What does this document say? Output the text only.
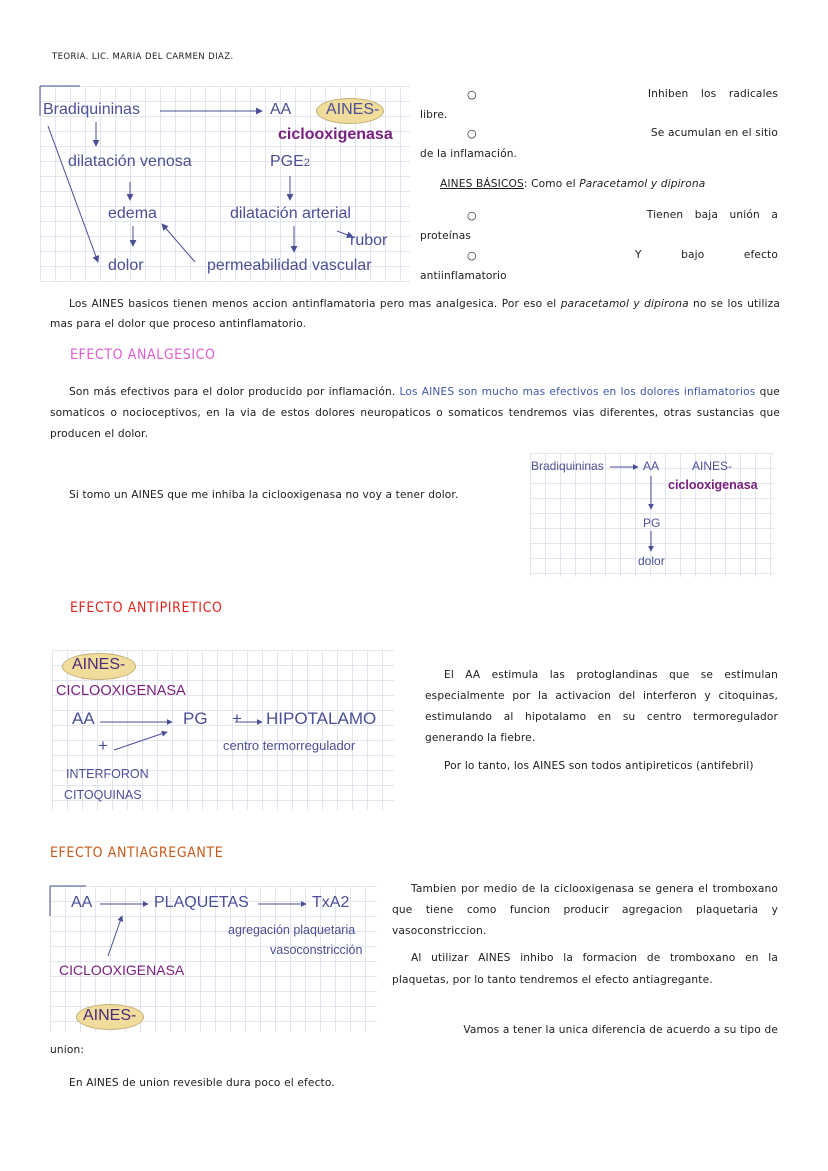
TEORIA. LIC. MARIA DEL CARMEN DIAZ.
Bradiquininas	AA AINES-
ciclooxigenasa
dilatación venosa	PGE2
edema	dilatación arterial
rubor
dolor	permeabilidad vascular
○	Inhiben los radicales
libre.
○	Se acumulan en el sitio
de la inflamación.
AINES BÁSICOS: Como el Paracetamol y dipirona
○	Tienen baja unión a
proteínas
○	Y bajo efecto
antiinflamatorio
Los AINES basicos tienen menos accion antinflamatoria pero mas analgesica. Por eso el paracetamol y dipirona no se los utiliza mas para el dolor que proceso antinflamatorio.
EFECTO ANALGESICO
Son más efectivos para el dolor producido por inflamación. Los AINES son mucho mas efectivos en los dolores inflamatorios que somaticos o nocioceptivos, en la via de estos dolores neuropaticos o somaticos tendremos vias diferentes, otras sustancias que producen el dolor.
Si tomo un AINES que me inhiba la ciclooxigenasa no voy a tener dolor.
Bradiquininas	AA	AINES-
ciclooxigenasa
PG
dolor
EFECTO ANTIPIRETICO
AINES-
CICLOOXIGENASA
AA	PG + HIPOTALAMO
centro termorregulador
+
INTERFORON
CITOQUINAS
El AA estimula las protoglandinas que se estimulan especialmente por la activacion del interferon y citoquinas, estimulando al hipotalamo en su centro termoregulador generando la fiebre.
Por lo tanto, los AINES son todos antipireticos (antifebril)
EFECTO ANTIAGREGANTE
AA	PLAQUETAS	TxA2
agregación plaquetaria
vasoconstricción
CICLOOXIGENASA
AINES-
Tambien por medio de la ciclooxigenasa se genera el tromboxano que tiene como funcion producir agregacion plaquetaria y vasoconstriccion.
Al utilizar AINES inhibo la formacion de tromboxano en la plaquetas, por lo tanto tendremos el efecto antiagregante.
Vamos a tener la unica diferencia de acuerdo a su tipo de
union:
En AINES de union revesible dura poco el efecto.
